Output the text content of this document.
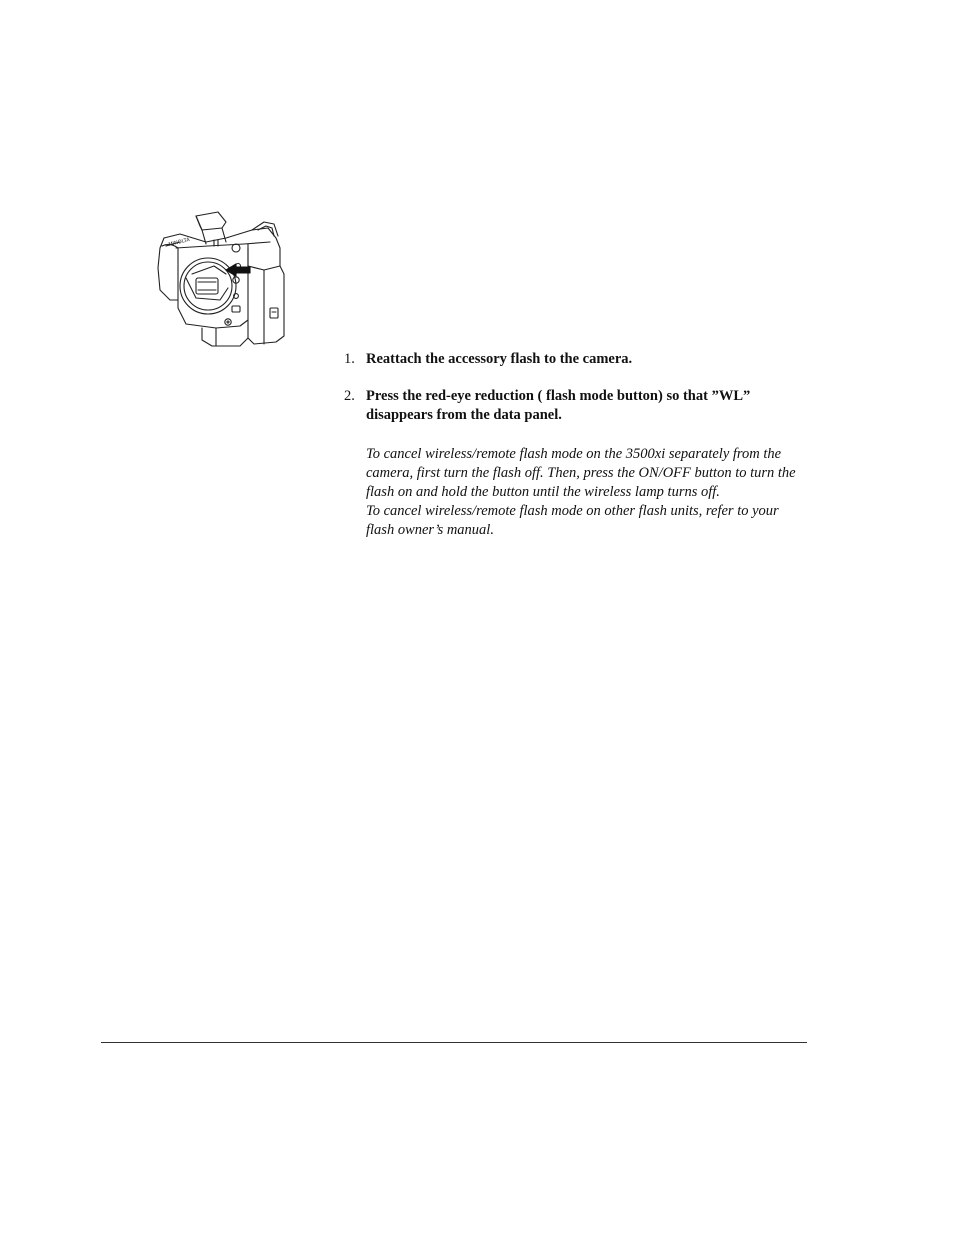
MINOLTA
1. Reattach the accessory flash to the camera.
2. Press the red-eye reduction ( flash mode button) so that ”WL” disappears from the data panel.

To cancel wireless/remote flash mode on the 3500xi separately from the camera, first turn the flash off. Then, press the ON/OFF button to turn the flash on and hold the button until the wireless lamp turns off.

To cancel wireless/remote flash mode on other flash units, refer to your flash owner’s manual.
